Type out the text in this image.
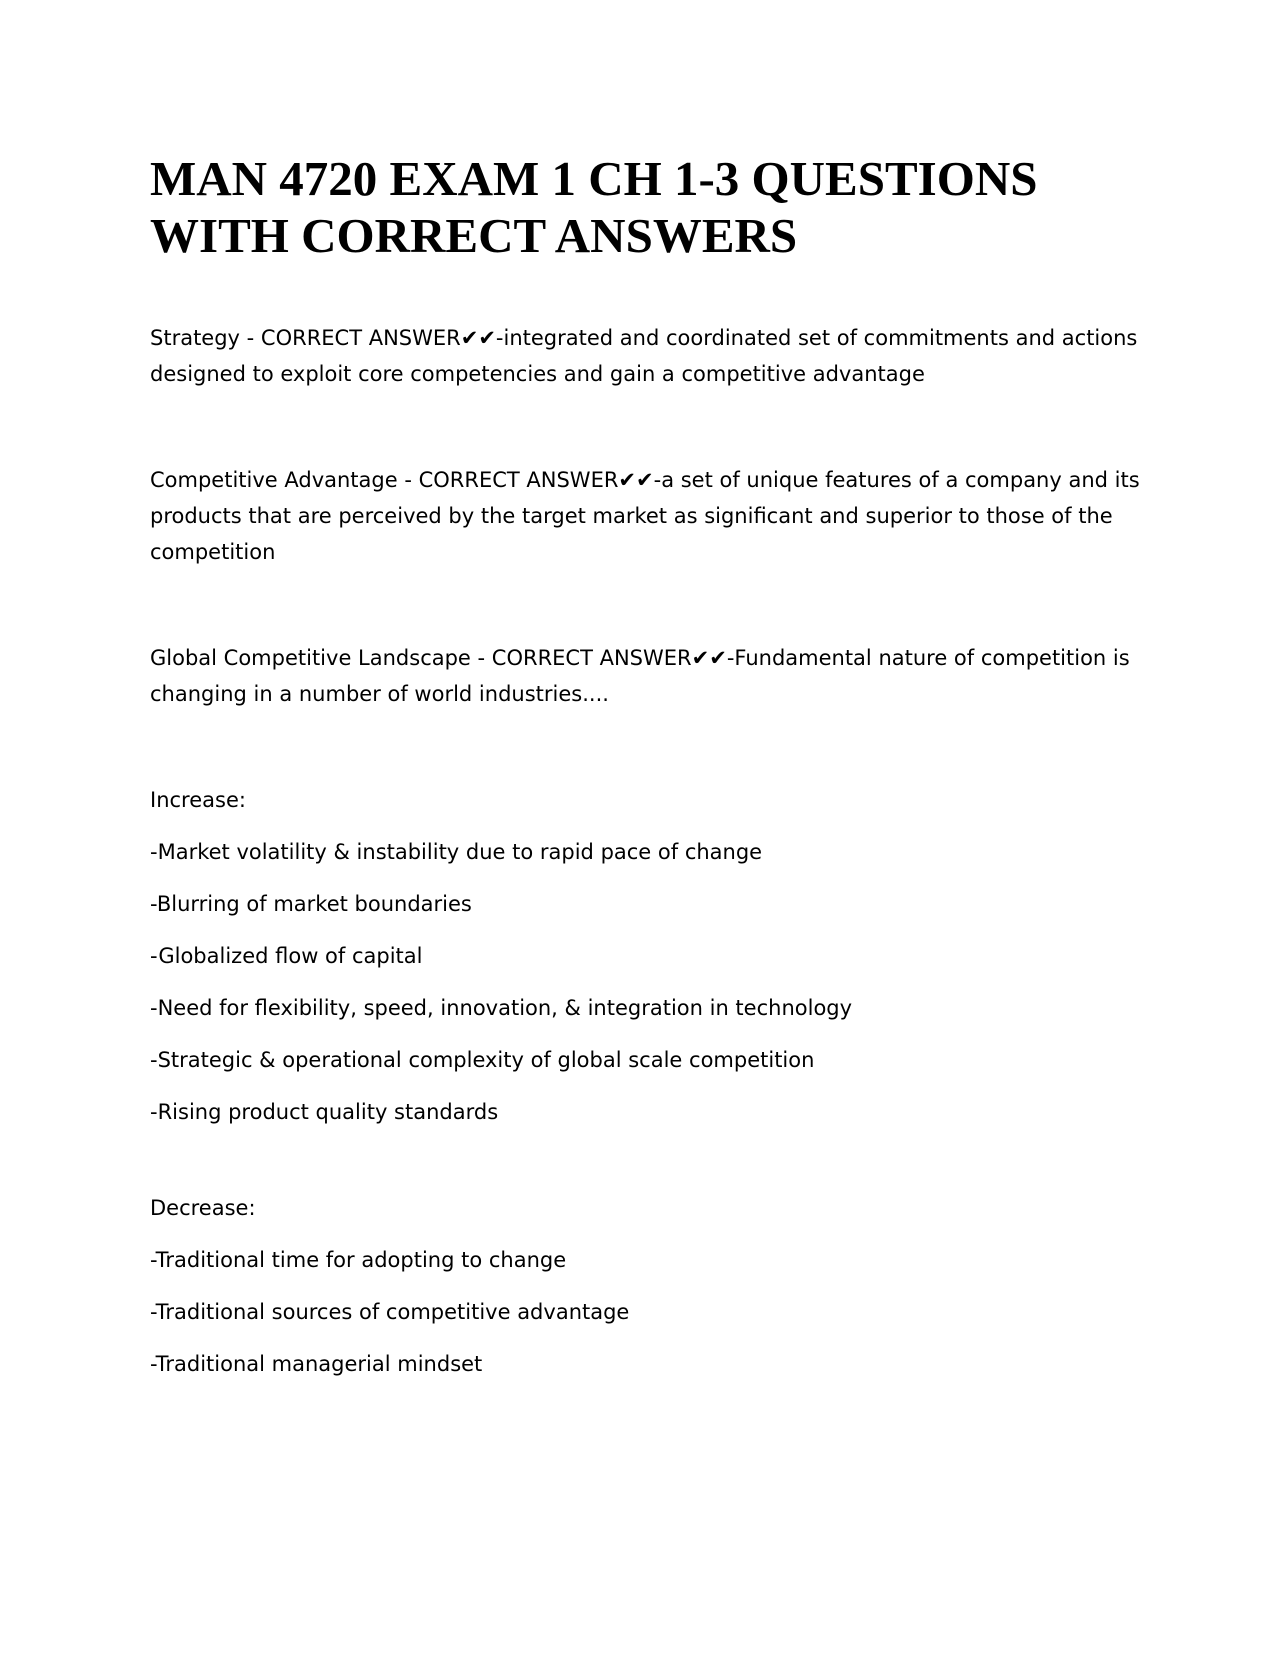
MAN 4720 EXAM 1 CH 1-3 QUESTIONS WITH CORRECT ANSWERS

Strategy - CORRECT ANSWER✔✔-integrated and coordinated set of commitments and actions designed to exploit core competencies and gain a competitive advantage

Competitive Advantage - CORRECT ANSWER✔✔-a set of unique features of a company and its products that are perceived by the target market as significant and superior to those of the competition

Global Competitive Landscape - CORRECT ANSWER✔✔-Fundamental nature of competition is changing in a number of world industries....

Increase:

-Market volatility & instability due to rapid pace of change
-Blurring of market boundaries
-Globalized flow of capital
-Need for flexibility, speed, innovation, & integration in technology
-Strategic & operational complexity of global scale competition
-Rising product quality standards

Decrease:

-Traditional time for adopting to change
-Traditional sources of competitive advantage
-Traditional managerial mindset
